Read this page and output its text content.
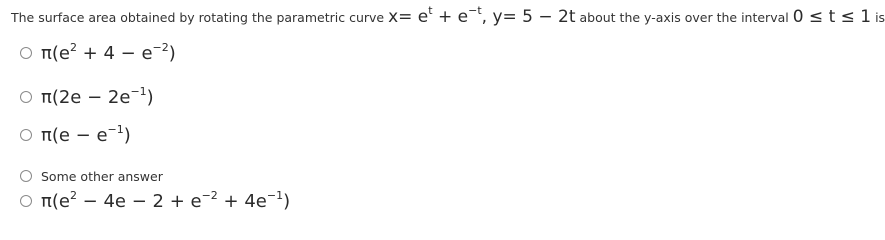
The surface area obtained by rotating the parametric curve $x= e^t + e^{-t}$, y= 5 − 2t about the y-axis over the interval 0 ≤ t ≤ 1 is
$\pi(e^2 + 4 - e^{-2})$
$\pi(2e - 2e^{-1})$
$\pi(e - e^{-1})$
Some other answer
$\pi(e^2 - 4e - 2 + e^{-2} + 4e^{-1})$
